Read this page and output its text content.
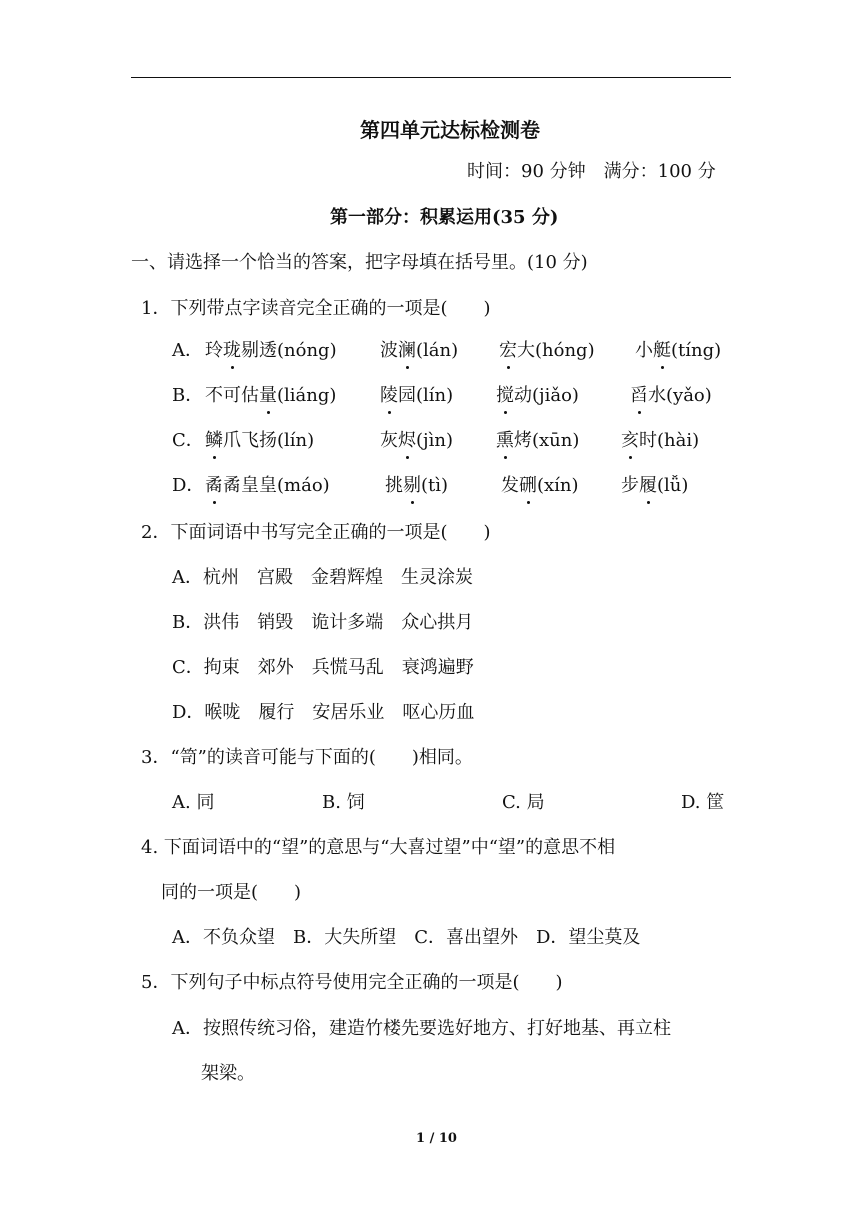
第四单元达标检测卷
时间：90 分钟　满分：100 分
第一部分：积累运用(35 分)
一、请选择一个恰当的答案，把字母填在括号里。(10 分)
1．下列带点字读音完全正确的一项是(　　)
A． 玲珑剔透(nóng) 波澜(lán) 宏大(hóng) 小艇(tíng)
B． 不可估量(liáng) 陵园(lín) 搅动(jiǎo)	舀水(yǎo)
C． 鳞爪飞扬(lín)	灰烬(jìn) 熏烤(xūn) 亥时(hài)
D． 矞矞皇皇(máo)	挑剔(tì)	发硎(xín) 步履(lǚ)
2．下面词语中书写完全正确的一项是(　　)
A．杭州　宫殿　金碧辉煌　生灵涂炭
B．洪伟　销毁　诡计多端　众心拱月
C．拘束　郊外　兵慌马乱　衰鸿遍野
D．喉咙　履行　安居乐业　呕心历血
3．“笥”的读音可能与下面的(　　)相同。
A. 同	B. 饲	C. 局	D. 筐
4. 下面词语中的“望”的意思与“大喜过望”中“望”的意思不相
同的一项是(　　)
A．不负众望　B．大失所望　C．喜出望外　D．望尘莫及
5．下列句子中标点符号使用完全正确的一项是(　　)
A．按照传统习俗，建造竹楼先要选好地方、打好地基、再立柱
架梁。
1 / 10
